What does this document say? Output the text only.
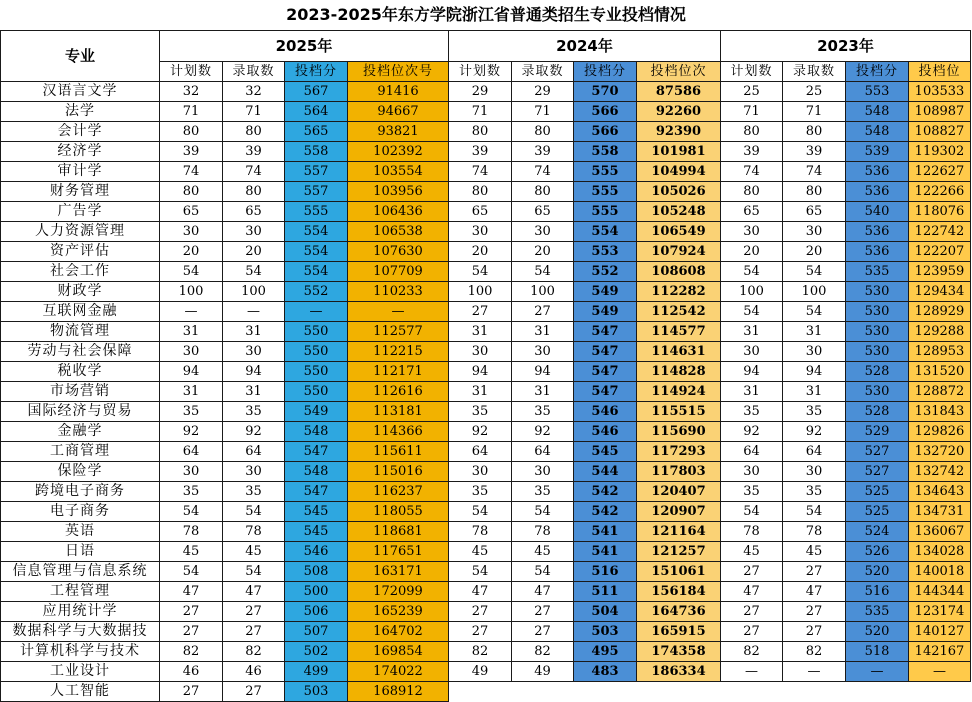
2023-2025年东方学院浙江省普通类招生专业投档情况
专业	2025年				2024年				2023年			
	计划数	录取数	投档分	投档位次号	计划数	录取数	投档分	投档位次	计划数	录取数	投档分	投档位
汉语言文学	32	32	567	91416	29	29	570	87586	25	25	553	103533
法学	71	71	564	94667	71	71	566	92260	71	71	548	108987
会计学	80	80	565	93821	80	80	566	92390	80	80	548	108827
经济学	39	39	558	102392	39	39	558	101981	39	39	539	119302
审计学	74	74	557	103554	74	74	555	104994	74	74	536	122627
财务管理	80	80	557	103956	80	80	555	105026	80	80	536	122266
广告学	65	65	555	106436	65	65	555	105248	65	65	540	118076
人力资源管理	30	30	554	106538	30	30	554	106549	30	30	536	122742
资产评估	20	20	554	107630	20	20	553	107924	20	20	536	122207
社会工作	54	54	554	107709	54	54	552	108608	54	54	535	123959
财政学	100	100	552	110233	100	100	549	112282	100	100	530	129434
互联网金融	—	—	—	—	27	27	549	112542	54	54	530	128929
物流管理	31	31	550	112577	31	31	547	114577	31	31	530	129288
劳动与社会保障	30	30	550	112215	30	30	547	114631	30	30	530	128953
税收学	94	94	550	112171	94	94	547	114828	94	94	528	131520
市场营销	31	31	550	112616	31	31	547	114924	31	31	530	128872
国际经济与贸易	35	35	549	113181	35	35	546	115515	35	35	528	131843
金融学	92	92	548	114366	92	92	546	115690	92	92	529	129826
工商管理	64	64	547	115611	64	64	545	117293	64	64	527	132720
保险学	30	30	548	115016	30	30	544	117803	30	30	527	132742
跨境电子商务	35	35	547	116237	35	35	542	120407	35	35	525	134643
电子商务	54	54	545	118055	54	54	542	120907	54	54	525	134731
英语	78	78	545	118681	78	78	541	121164	78	78	524	136067
日语	45	45	546	117651	45	45	541	121257	45	45	526	134028
信息管理与信息系统	54	54	508	163171	54	54	516	151061	27	27	520	140018
工程管理	47	47	500	172099	47	47	511	156184	47	47	516	144344
应用统计学	27	27	506	165239	27	27	504	164736	27	27	535	123174
数据科学与大数据技	27	27	507	164702	27	27	503	165915	27	27	520	140127
计算机科学与技术	82	82	502	169854	82	82	495	174358	82	82	518	142167
工业设计	46	46	499	174022	49	49	483	186334	—	—	—	—
人工智能	27	27	503	168912								
